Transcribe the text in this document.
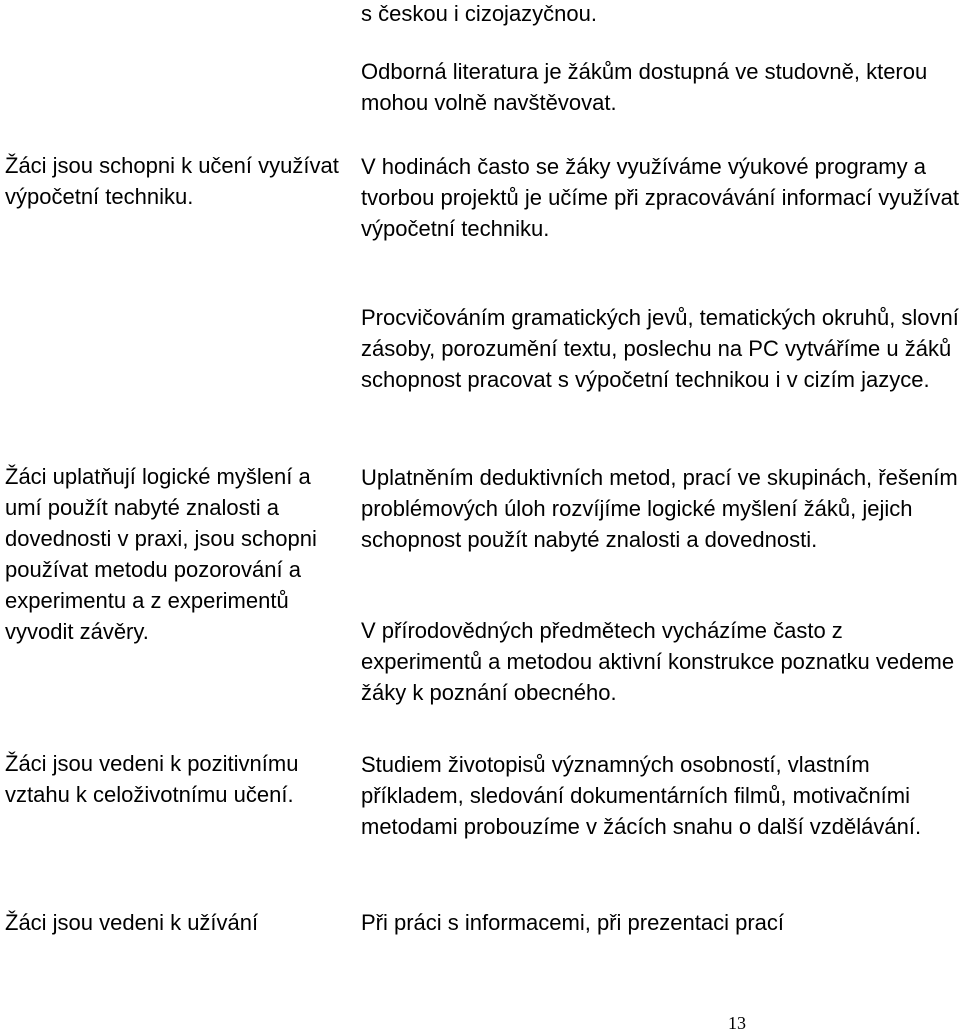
s českou i cizojazyčnou.

Odborná literatura je žákům dostupná ve studovně, kterou mohou volně navštěvovat.

V hodinách často se žáky využíváme výukové programy a tvorbou projektů je učíme při zpracovávání informací využívat výpočetní techniku.

Procvičováním gramatických jevů, tematických okruhů, slovní zásoby, porozumění textu, poslechu na PC vytváříme u žáků schopnost pracovat s výpočetní technikou i v cizím jazyce.

Uplatněním deduktivních metod, prací ve skupinách, řešením problémových úloh rozvíjíme logické myšlení žáků, jejich schopnost použít nabyté znalosti a dovednosti.

V přírodovědných předmětech vycházíme často z experimentů a metodou aktivní konstrukce poznatku vedeme žáky k poznání obecného.

Studiem životopisů významných osobností, vlastním příkladem, sledování dokumentárních filmů, motivačními metodami probouzíme v žácích snahu o další vzdělávání.

Při práci s informacemi, při prezentaci prací

Žáci jsou schopni k učení využívat výpočetní techniku.

Žáci uplatňují logické myšlení a umí použít nabyté znalosti a dovednosti v praxi, jsou schopni používat metodu pozorování a experimentu a z experimentů vyvodit závěry.

Žáci jsou vedeni k pozitivnímu vztahu k celoživotnímu učení.

Žáci jsou vedeni k užívání

13
